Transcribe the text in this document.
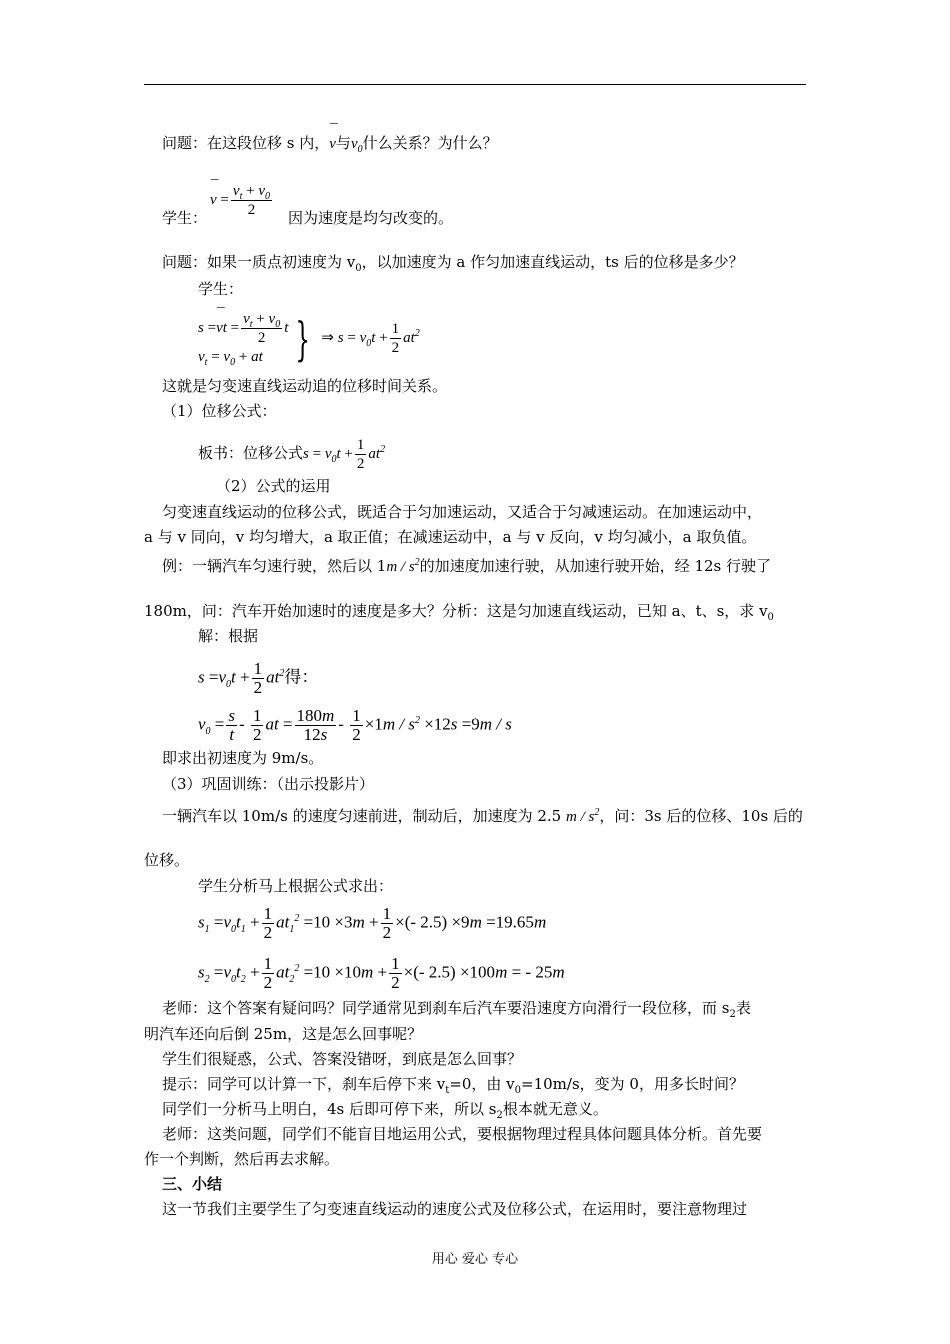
问题：在这段位移 s 内，¯ v与$v_0$什么关系？为什么？
学生：
¯ $v = \frac{v_t + v_0}{2}$ 因为速度是均匀改变的。
问题：如果一质点初速度为 $v_0$，以加速度为 a 作匀加速直线运动，ts 后的位移是多少？
学生：
s =¯ vt = $\frac{v_t + v_0}{2}$ t
$v_t = v_0$ + at } ⇒ $s = v_0t + \frac{1}{2} at^2$
这就是匀变速直线运动追的位移时间关系。
（1）位移公式：
板书：位移公式$s = v_0t + \frac{1}{2} at^2$
（2）公式的运用
匀变速直线运动的位移公式，既适合于匀加速运动，又适合于匀减速运动。在加速运动中，
a 与 v 同向，v 均匀增大，a 取正值；在减速运动中，a 与 v 反向，v 均匀减小，a 取负值。
例：一辆汽车匀速行驶，然后以 $1m / s^2$的加速度加速行驶，从加速行驶开始，经 12s 行驶了
180m，问：汽车开始加速时的速度是多大？分析：这是匀加速直线运动，已知 a、t、s，求 $v_0$
解：根据
$s =v_0t + \frac{1}{2} at^2$得：
$v_0 = \frac{s}{t} - \frac{1}{2}$ at = $\frac{180m}{12s} - \frac{1}{2} \times 1m / s^2 \times 12s =9m / s$
即求出初速度为 9m/s。
（3）巩固训练：（出示投影片）
一辆汽车以 10m/s 的速度匀速前进，制动后，加速度为 2.5 m / $s^2$，问：3s 后的位移、10s 后的
位移。
学生分析马上根据公式求出：
$s_1 =v_0t_1 + \frac{1}{2} at_1^2 =10 \times 3m + \frac{1}{2}$ ×(- 2.5) ×9m =19.65m
$s_2 =v_0t_2 + \frac{1}{2} at_2^2 =10 \times 10m + \frac{1}{2}$ ×(- 2.5) ×100m = - 25m
老师：这个答案有疑问吗？同学通常见到刹车后汽车要沿速度方向滑行一段位移，而 $s_2$表
明汽车还向后倒 25m，这是怎么回事呢？
学生们很疑惑，公式、答案没错呀，到底是怎么回事？
提示：同学可以计算一下，刹车后停下来 $v_t=0$，由 $v_0=10m/s$，变为 0，用多长时间？
同学们一分析马上明白，4s 后即可停下来，所以 $s_2$根本就无意义。
老师：这类问题，同学们不能盲目地运用公式，要根据物理过程具体问题具体分析。首先要
作一个判断，然后再去求解。
三、小结
这一节我们主要学生了匀变速直线运动的速度公式及位移公式，在运用时，要注意物理过
用心 爱心 专心
